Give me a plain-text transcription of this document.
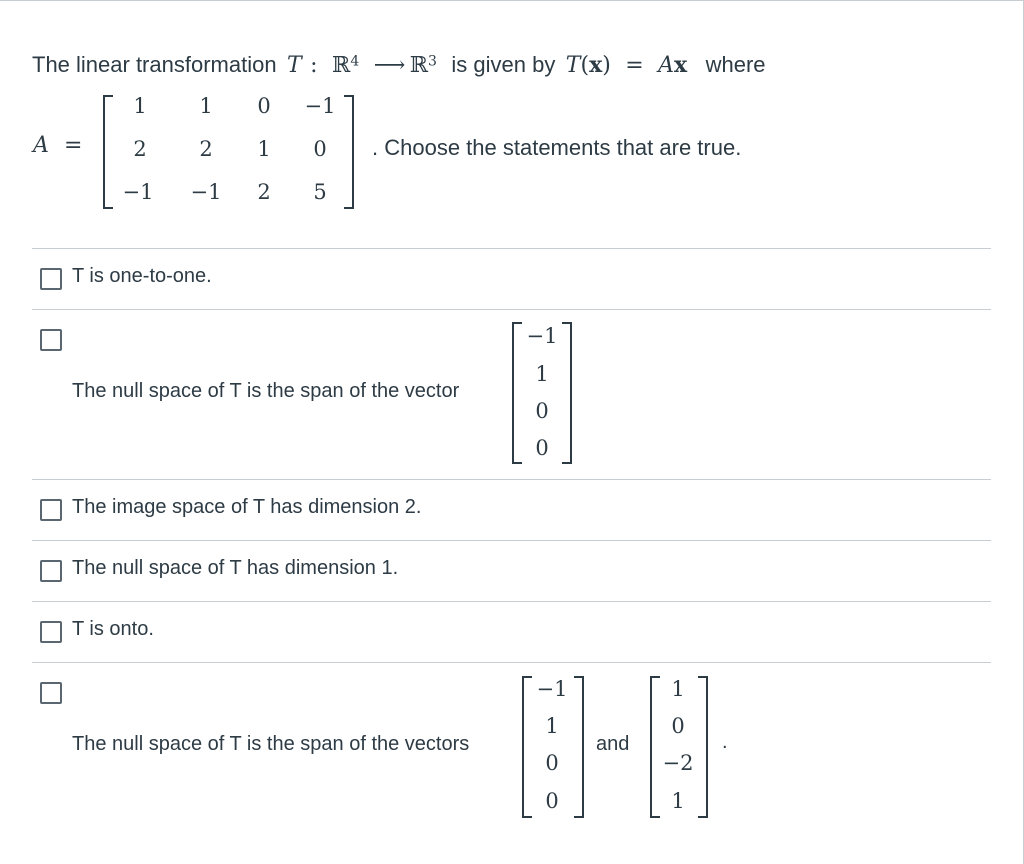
The linear transformation T : ℝ$^4$ ⟶ ℝ$^3$ is given by T(x) = Ax where
A =
1	1	0	−1
2	2	1	0
−1	−1	2	5
. Choose the statements that are true.
T is one-to-one.
The null space of T is the span of the vector
−1
1
0
0
The image space of T has dimension 2.
The null space of T has dimension 1.
T is onto.
The null space of T is the span of the vectors
−1
1
0
0
and
1
0
−2
1
.
